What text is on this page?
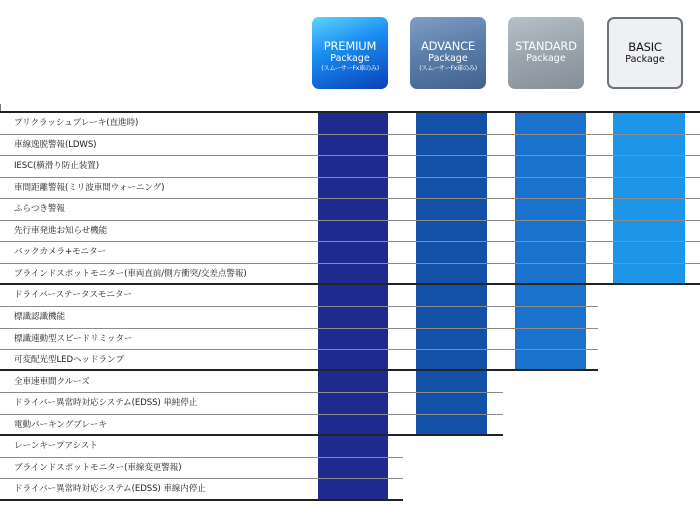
PREMIUM
Package
(スムーサーFx車のみ)
ADVANCE
Package
(スムーサーFx車のみ)
STANDARD
Package
BASIC
Package
プリクラッシュブレーキ(直進時)
車線逸脱警報(LDWS)
IESC(横滑り防止装置)
車間距離警報(ミリ波車間ウォーニング)
ふらつき警報
先行車発進お知らせ機能
バックカメラ+モニター
ブラインドスポットモニター(車両直前/側方衝突/交差点警報)
ドライバーステータスモニター
標識認識機能
標識連動型スピードリミッター
可変配光型LEDヘッドランプ
全車速車間クルーズ
ドライバー異常時対応システム(EDSS) 単純停止
電動パーキングブレーキ
レーンキープアシスト
ブラインドスポットモニター(車線変更警報)
ドライバー異常時対応システム(EDSS) 車線内停止
